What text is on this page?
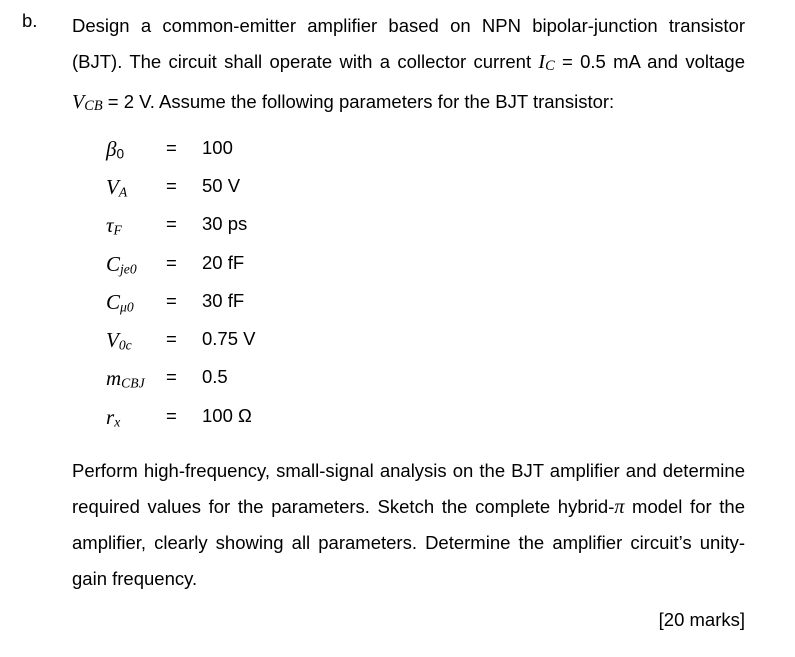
b. Design a common-emitter amplifier based on NPN bipolar-junction transistor (BJT). The circuit shall operate with a collector current IC = 0.5 mA and voltage VCB = 2 V. Assume the following parameters for the BJT transistor:
β0 = 100
VA = 50 V
τF = 30 ps
Cje0 = 20 fF
Cμ0 = 30 fF
V0c = 0.75 V
mCBJ = 0.5
rx = 100 Ω
Perform high-frequency, small-signal analysis on the BJT amplifier and determine required values for the parameters. Sketch the complete hybrid-π model for the amplifier, clearly showing all parameters. Determine the amplifier circuit’s unity-gain frequency.
[20 marks]
